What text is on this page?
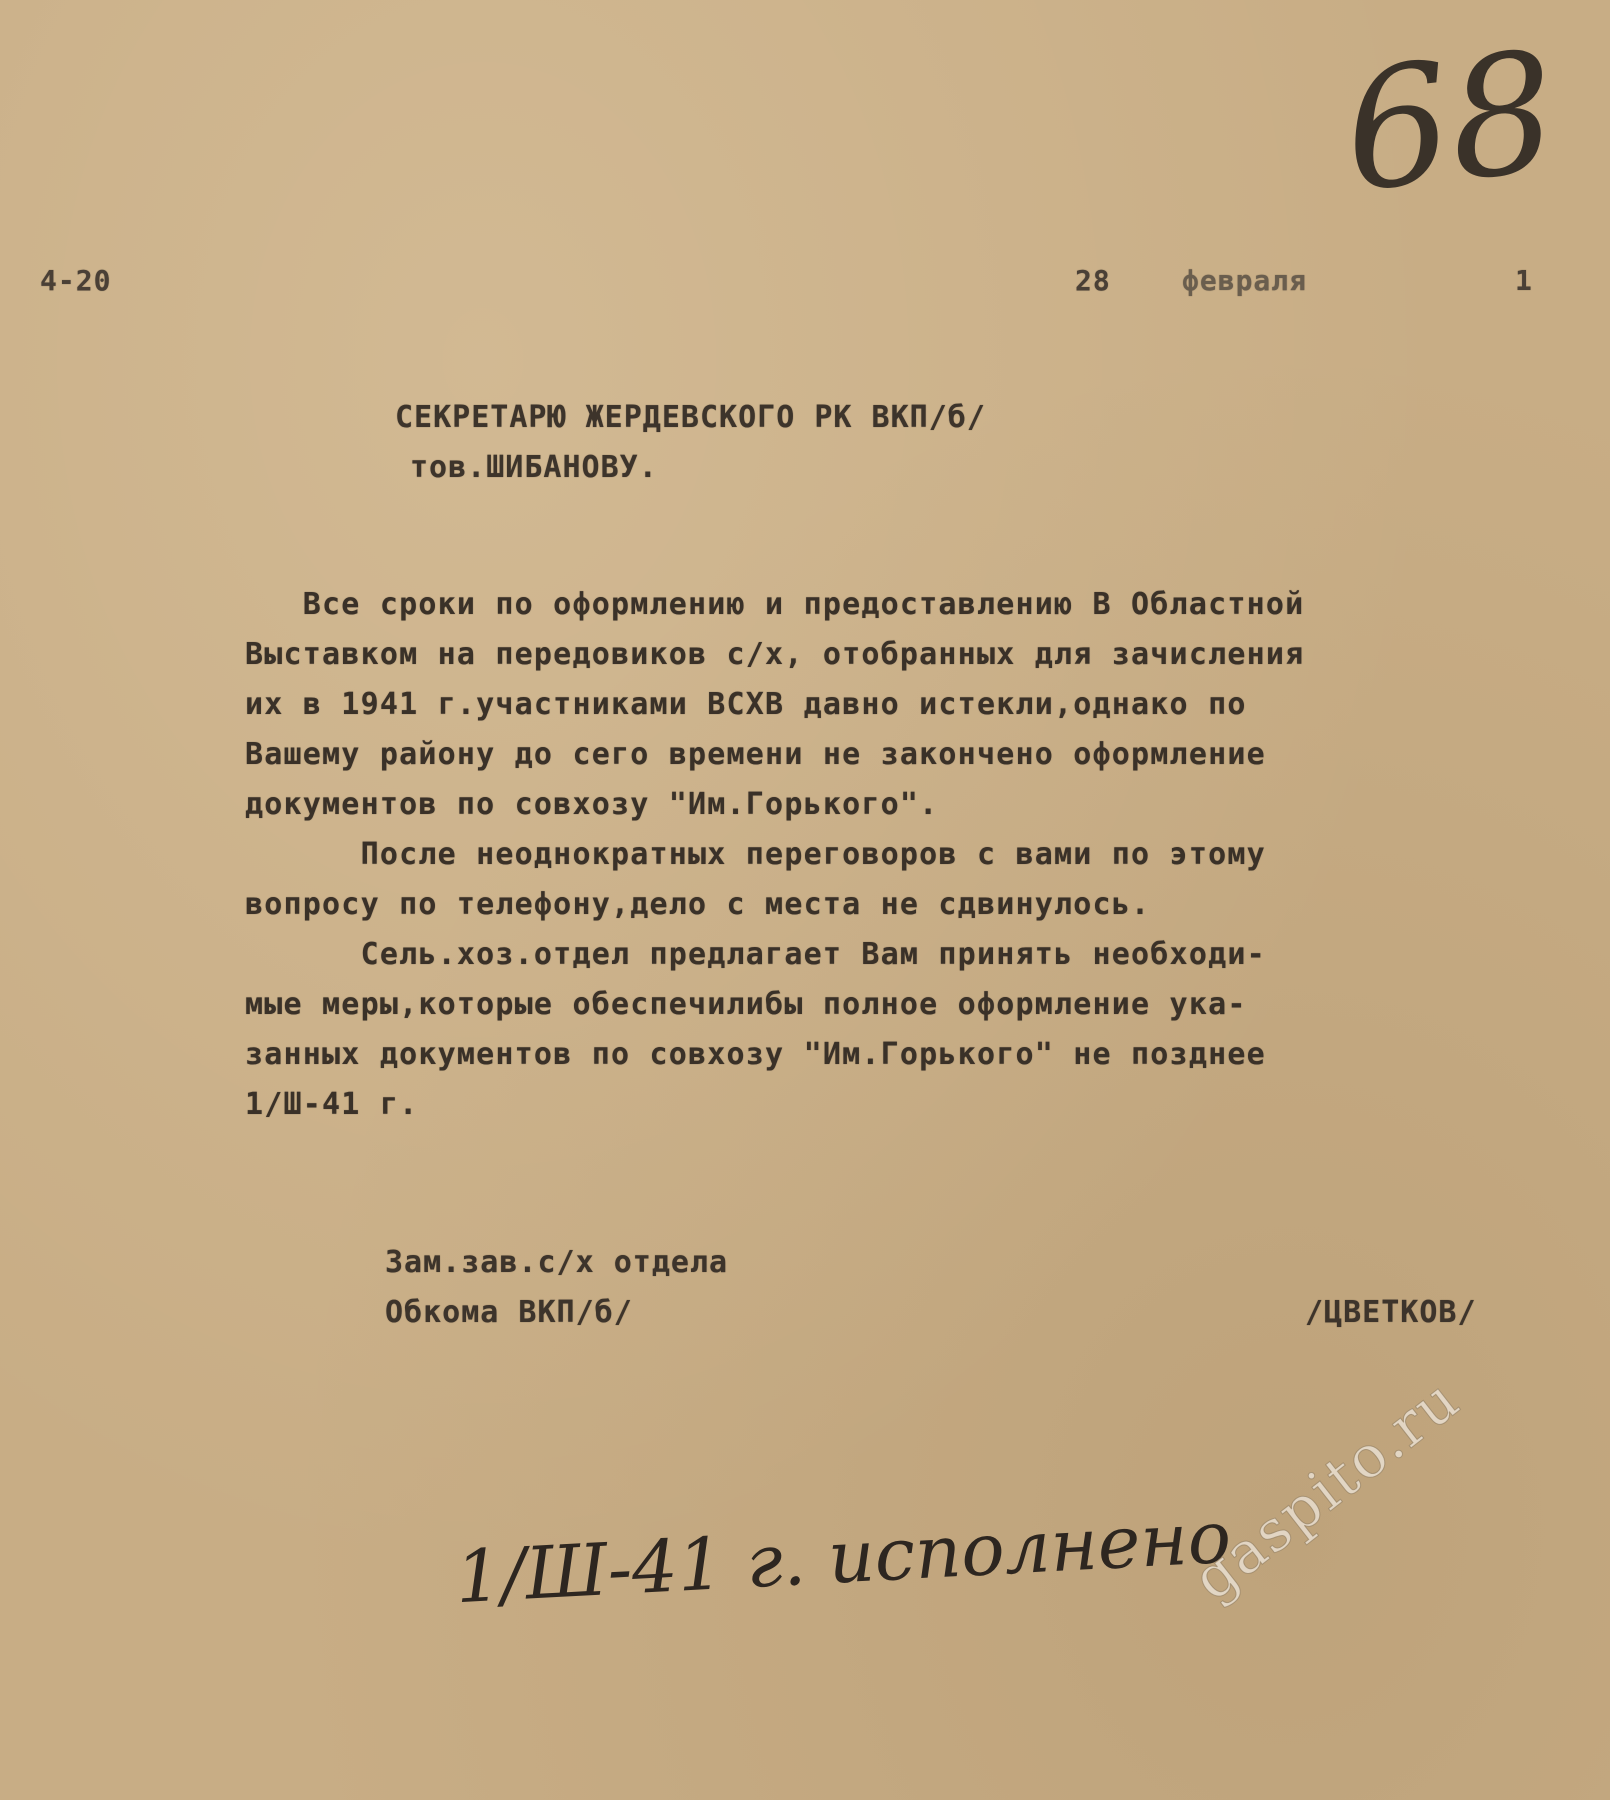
68
4-20	28	февраля	1
СЕКРЕТАРЮ ЖЕРДЕВСКОГО РК ВКП/б/
тов.ШИБАНОВУ.

Все сроки по оформлению и предоставлению В Областной

Выставком на передовиков с/х, отобранных для зачисления

их в 1941 г.участниками ВСХВ давно истекли,однако по

Вашему району до сего времени не закончено оформление

документов по совхозу "Им.Горького".

После неоднократных переговоров с вами по этому

вопросу по телефону,дело с места не сдвинулось.

Сель.хоз.отдел предлагает Вам принять необходи-

мые меры,которые обеспечилибы полное оформление ука-

занных документов по совхозу "Им.Горького" не позднее

1/Ш-41 г.

Зам.зав.с/х отдела
Обкома ВКП/б/	/ЦВЕТКОВ/
1/Ш-41 г. исполнено
gaspito.ru
